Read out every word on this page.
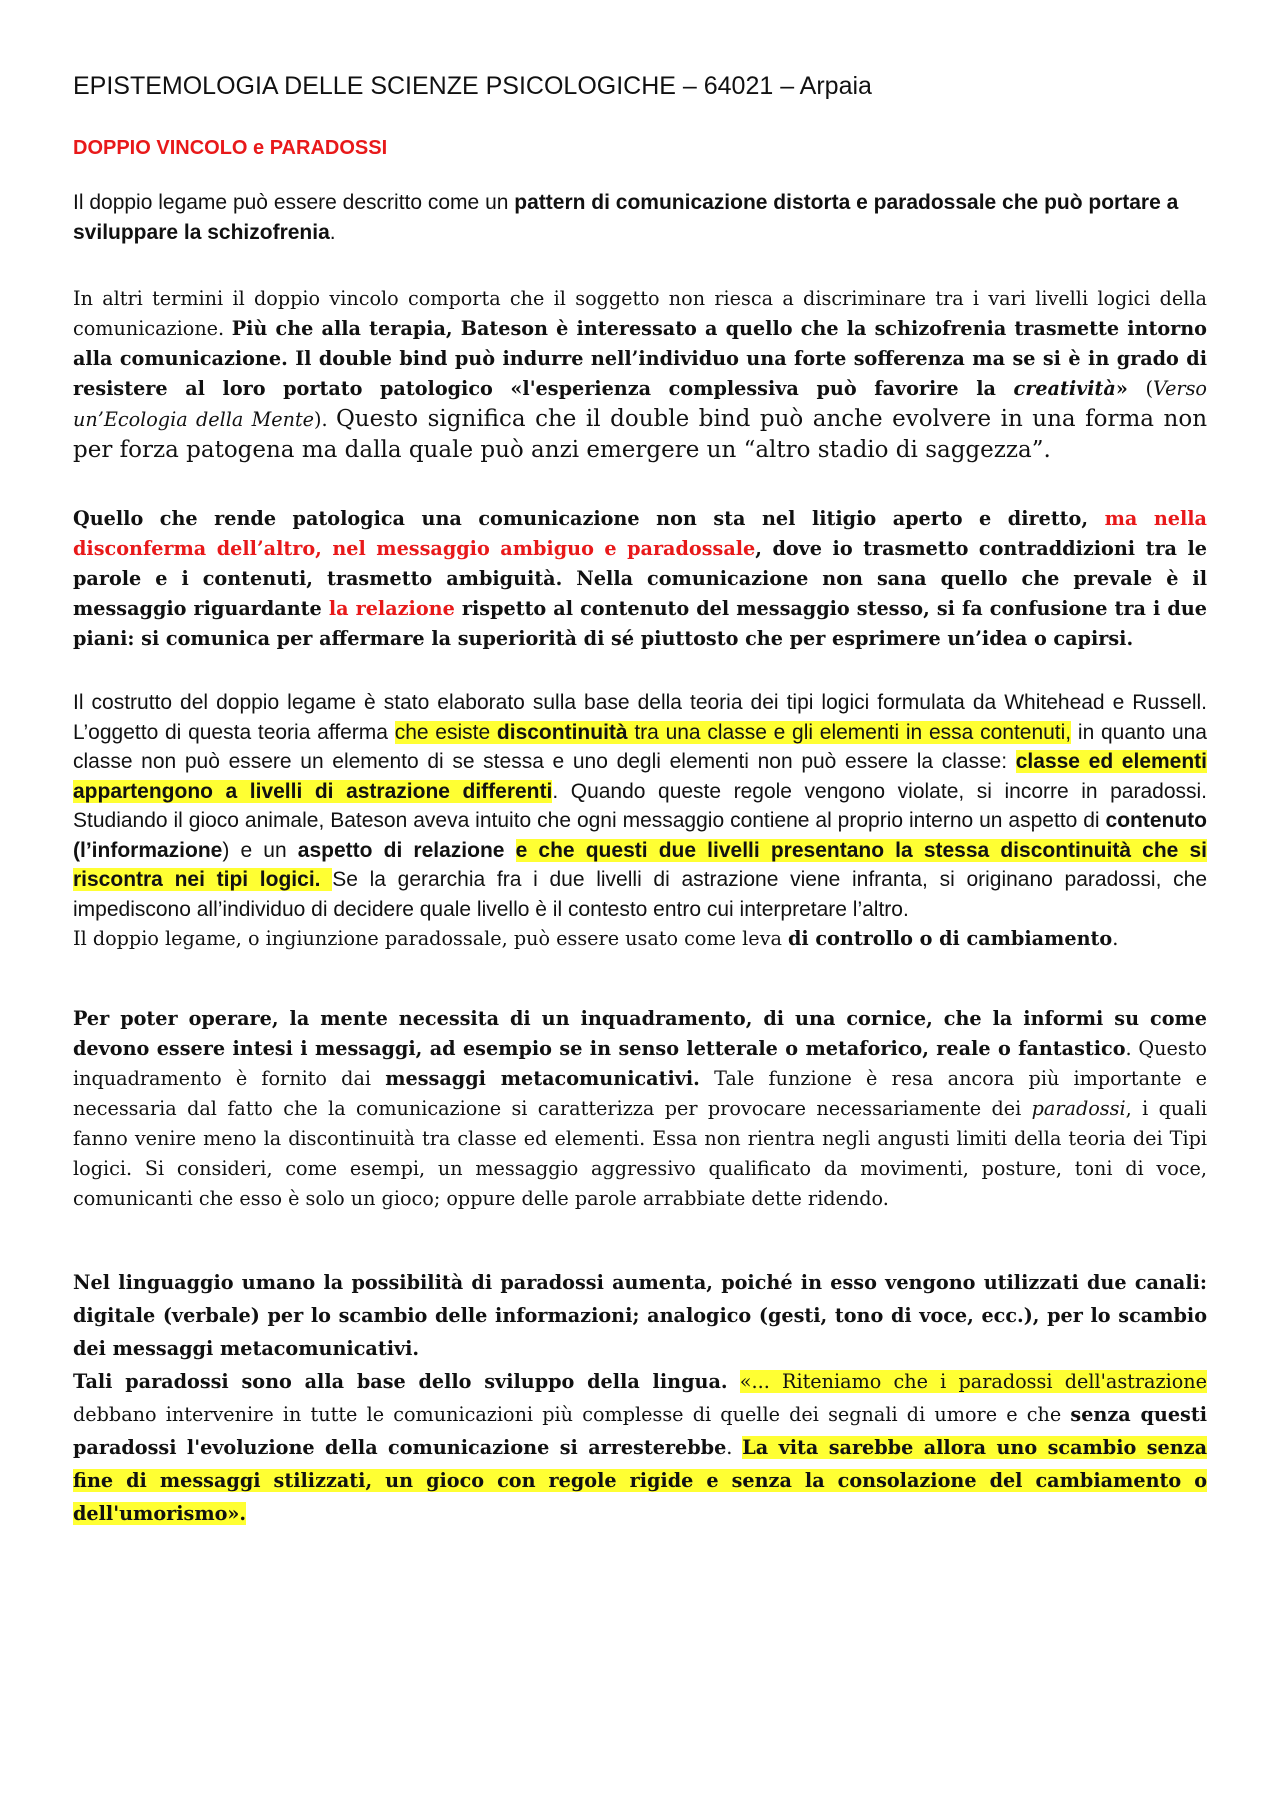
EPISTEMOLOGIA DELLE SCIENZE PSICOLOGICHE – 64021 – Arpaia
DOPPIO VINCOLO e PARADOSSI

Il doppio legame può essere descritto come un pattern di comunicazione distorta e paradossale che può portare a sviluppare la schizofrenia.

In altri termini il doppio vincolo comporta che il soggetto non riesca a discriminare tra i vari livelli logici della comunicazione. Più che alla terapia, Bateson è interessato a quello che la schizofrenia trasmette intorno alla comunicazione. Il double bind può indurre nell’individuo una forte sofferenza ma se si è in grado di resistere al loro portato patologico «l'esperienza complessiva può favorire la creatività» (Verso un’Ecologia della Mente). Questo significa che il double bind può anche evolvere in una forma non per forza patogena ma dalla quale può anzi emergere un “altro stadio di saggezza”.

Quello che rende patologica una comunicazione non sta nel litigio aperto e diretto, ma nella disconferma dell’altro, nel messaggio ambiguo e paradossale, dove io trasmetto contraddizioni tra le parole e i contenuti, trasmetto ambiguità. Nella comunicazione non sana quello che prevale è il messaggio riguardante la relazione rispetto al contenuto del messaggio stesso, si fa confusione tra i due piani: si comunica per affermare la superiorità di sé piuttosto che per esprimere un’idea o capirsi.

Il costrutto del doppio legame è stato elaborato sulla base della teoria dei tipi logici formulata da Whitehead e Russell. L’oggetto di questa teoria afferma che esiste discontinuità tra una classe e gli elementi in essa contenuti, in quanto una classe non può essere un elemento di se stessa e uno degli elementi non può essere la classe: classe ed elementi appartengono a livelli di astrazione differenti. Quando queste regole vengono violate, si incorre in paradossi. Studiando il gioco animale, Bateson aveva intuito che ogni messaggio contiene al proprio interno un aspetto di contenuto (l’informazione) e un aspetto di relazione e che questi due livelli presentano la stessa discontinuità che si riscontra nei tipi logici. Se la gerarchia fra i due livelli di astrazione viene infranta, si originano paradossi, che impediscono all’individuo di decidere quale livello è il contesto entro cui interpretare l’altro.

Il doppio legame, o ingiunzione paradossale, può essere usato come leva di controllo o di cambiamento.

Per poter operare, la mente necessita di un inquadramento, di una cornice, che la informi su come devono essere intesi i messaggi, ad esempio se in senso letterale o metaforico, reale o fantastico. Questo inquadramento è fornito dai messaggi metacomunicativi. Tale funzione è resa ancora più importante e necessaria dal fatto che la comunicazione si caratterizza per provocare necessariamente dei paradossi, i quali fanno venire meno la discontinuità tra classe ed elementi. Essa non rientra negli angusti limiti della teoria dei Tipi logici. Si consideri, come esempi, un messaggio aggressivo qualificato da movimenti, posture, toni di voce, comunicanti che esso è solo un gioco; oppure delle parole arrabbiate dette ridendo.

Nel linguaggio umano la possibilità di paradossi aumenta, poiché in esso vengono utilizzati due canali: digitale (verbale) per lo scambio delle informazioni; analogico (gesti, tono di voce, ecc.), per lo scambio dei messaggi metacomunicativi.
Tali paradossi sono alla base dello sviluppo della lingua. «... Riteniamo che i paradossi dell'astrazione debbano intervenire in tutte le comunicazioni più complesse di quelle dei segnali di umore e che senza questi paradossi l'evoluzione della comunicazione si arresterebbe. La vita sarebbe allora uno scambio senza fine di messaggi stilizzati, un gioco con regole rigide e senza la consolazione del cambiamento o dell'umorismo».
